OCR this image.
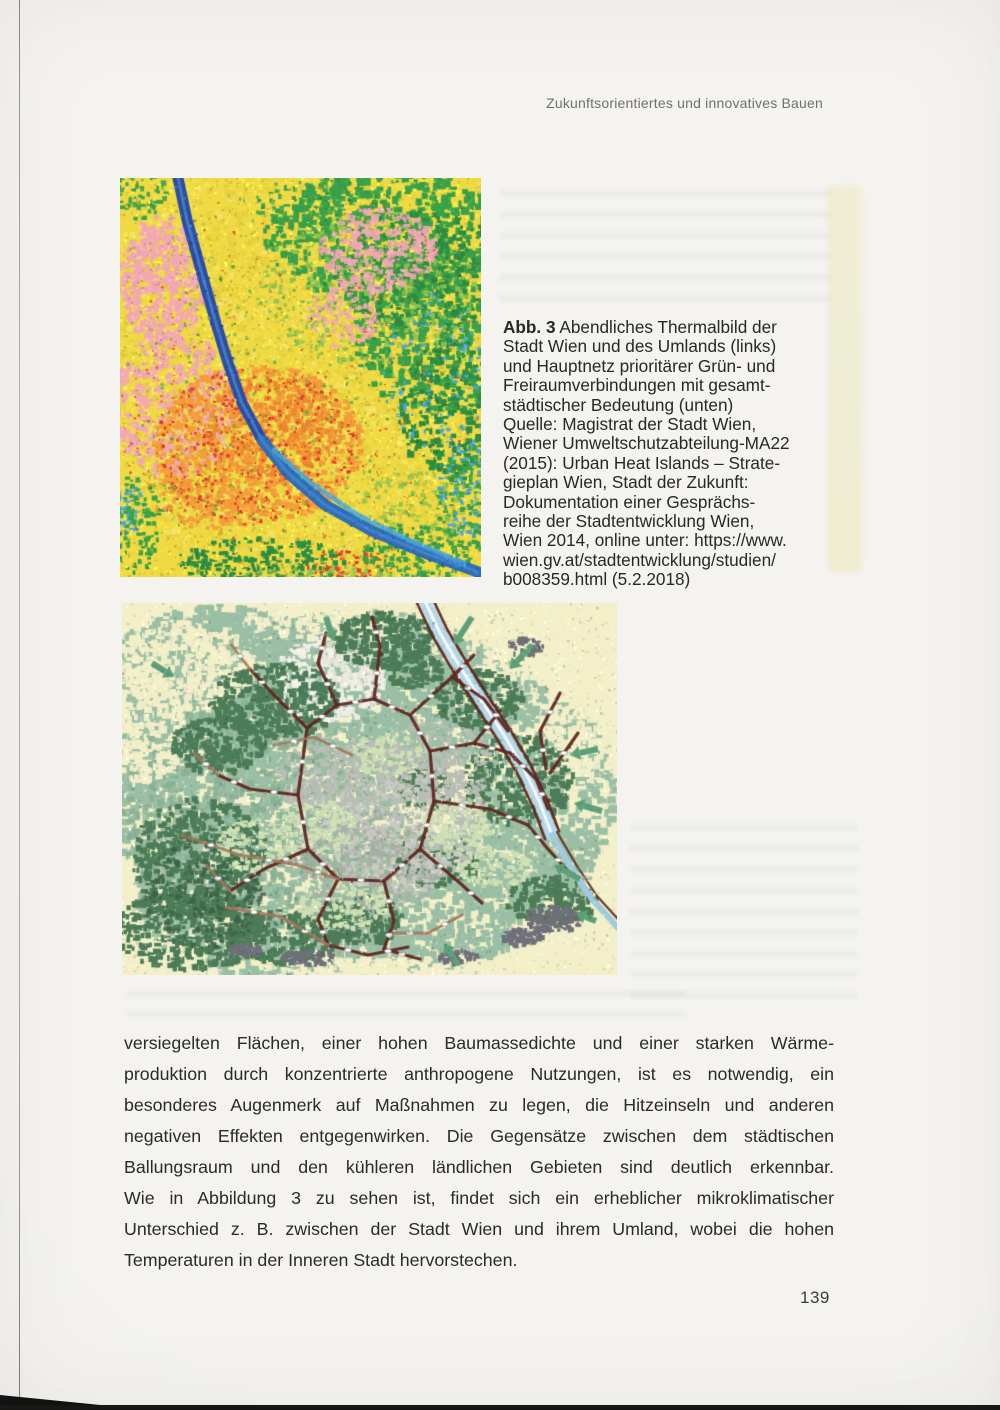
Zukunftsorientiertes und innovatives Bauen
Abb. 3 Abendliches Thermalbild der
Stadt Wien und des Umlands (links)
und Hauptnetz prioritärer Grün- und
Freiraumverbindungen mit gesamt-
städtischer Bedeutung (unten)
Quelle: Magistrat der Stadt Wien,
Wiener Umweltschutzabteilung-MA22
(2015): Urban Heat Islands – Strate-
gieplan Wien, Stadt der Zukunft:
Dokumentation einer Gesprächs-
reihe der Stadtentwicklung Wien,
Wien 2014, online unter: https://www.
wien.gv.at/stadtentwicklung/studien/
b008359.html (5.2.2018)
versiegelten Flächen, einer hohen Baumassedichte und einer starken Wärme-
produktion durch konzentrierte anthropogene Nutzungen, ist es notwendig, ein
besonderes Augenmerk auf Maßnahmen zu legen, die Hitzeinseln und anderen
negativen Effekten entgegenwirken. Die Gegensätze zwischen dem städtischen
Ballungsraum und den kühleren ländlichen Gebieten sind deutlich erkennbar.
Wie in Abbildung 3 zu sehen ist, findet sich ein erheblicher mikroklimatischer
Unterschied z. B. zwischen der Stadt Wien und ihrem Umland, wobei die hohen
Temperaturen in der Inneren Stadt hervorstechen.
139
